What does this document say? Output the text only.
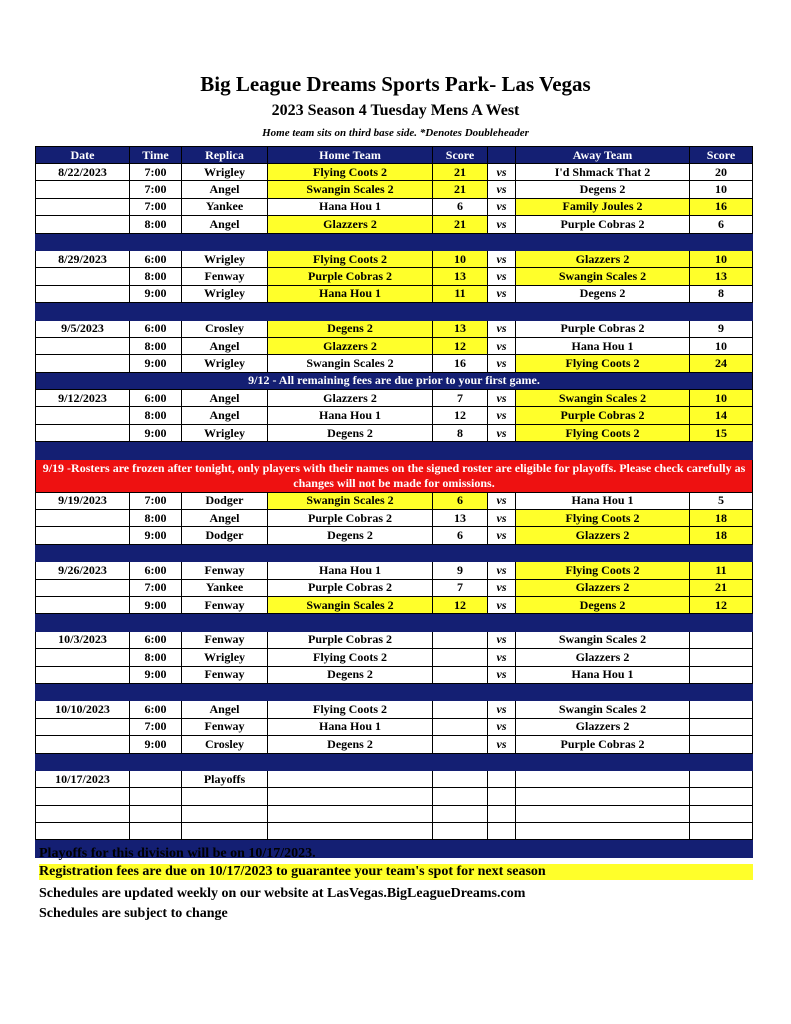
Big League Dreams Sports Park- Las Vegas
2023 Season 4 Tuesday Mens A West
Home team sits on third base side. *Denotes Doubleheader
Date	Time	Replica	Home Team	Score		Away Team	Score
8/22/2023	7:00	Wrigley	Flying Coots 2	21	vs	I'd Shmack That 2	20
	7:00	Angel	Swangin Scales 2	21	vs	Degens 2	10
	7:00	Yankee	Hana Hou 1	6	vs	Family Joules 2	16
	8:00	Angel	Glazzers 2	21	vs	Purple Cobras 2	6

8/29/2023	6:00	Wrigley	Flying Coots 2	10	vs	Glazzers 2	10
	8:00	Fenway	Purple Cobras 2	13	vs	Swangin Scales 2	13
	9:00	Wrigley	Hana Hou 1	11	vs	Degens 2	8

9/5/2023	6:00	Crosley	Degens 2	13	vs	Purple Cobras 2	9
	8:00	Angel	Glazzers 2	12	vs	Hana Hou 1	10
	9:00	Wrigley	Swangin Scales 2	16	vs	Flying Coots 2	24
9/12 - All remaining fees are due prior to your first game.							
9/12/2023	6:00	Angel	Glazzers 2	7	vs	Swangin Scales 2	10
	8:00	Angel	Hana Hou 1	12	vs	Purple Cobras 2	14
	9:00	Wrigley	Degens 2	8	vs	Flying Coots 2	15

9/19 -Rosters are frozen after tonight, only players with their names on the signed roster are eligible for playoffs. Please check carefully as changes will not be made for omissions.							
9/19/2023	7:00	Dodger	Swangin Scales 2	6	vs	Hana Hou 1	5
	8:00	Angel	Purple Cobras 2	13	vs	Flying Coots 2	18
	9:00	Dodger	Degens 2	6	vs	Glazzers 2	18

9/26/2023	6:00	Fenway	Hana Hou 1	9	vs	Flying Coots 2	11
	7:00	Yankee	Purple Cobras 2	7	vs	Glazzers 2	21
	9:00	Fenway	Swangin Scales 2	12	vs	Degens 2	12

10/3/2023	6:00	Fenway	Purple Cobras 2		vs	Swangin Scales 2	
	8:00	Wrigley	Flying Coots 2		vs	Glazzers 2	
	9:00	Fenway	Degens 2		vs	Hana Hou 1	

10/10/2023	6:00	Angel	Flying Coots 2		vs	Swangin Scales 2	
	7:00	Fenway	Hana Hou 1		vs	Glazzers 2	
	9:00	Crosley	Degens 2		vs	Purple Cobras 2	

10/17/2023		Playoffs					

Playoffs for this division will be on 10/17/2023.
Registration fees are due on 10/17/2023 to guarantee your team's spot for next season
Schedules are updated weekly on our website at LasVegas.BigLeagueDreams.com
Schedules are subject to change
